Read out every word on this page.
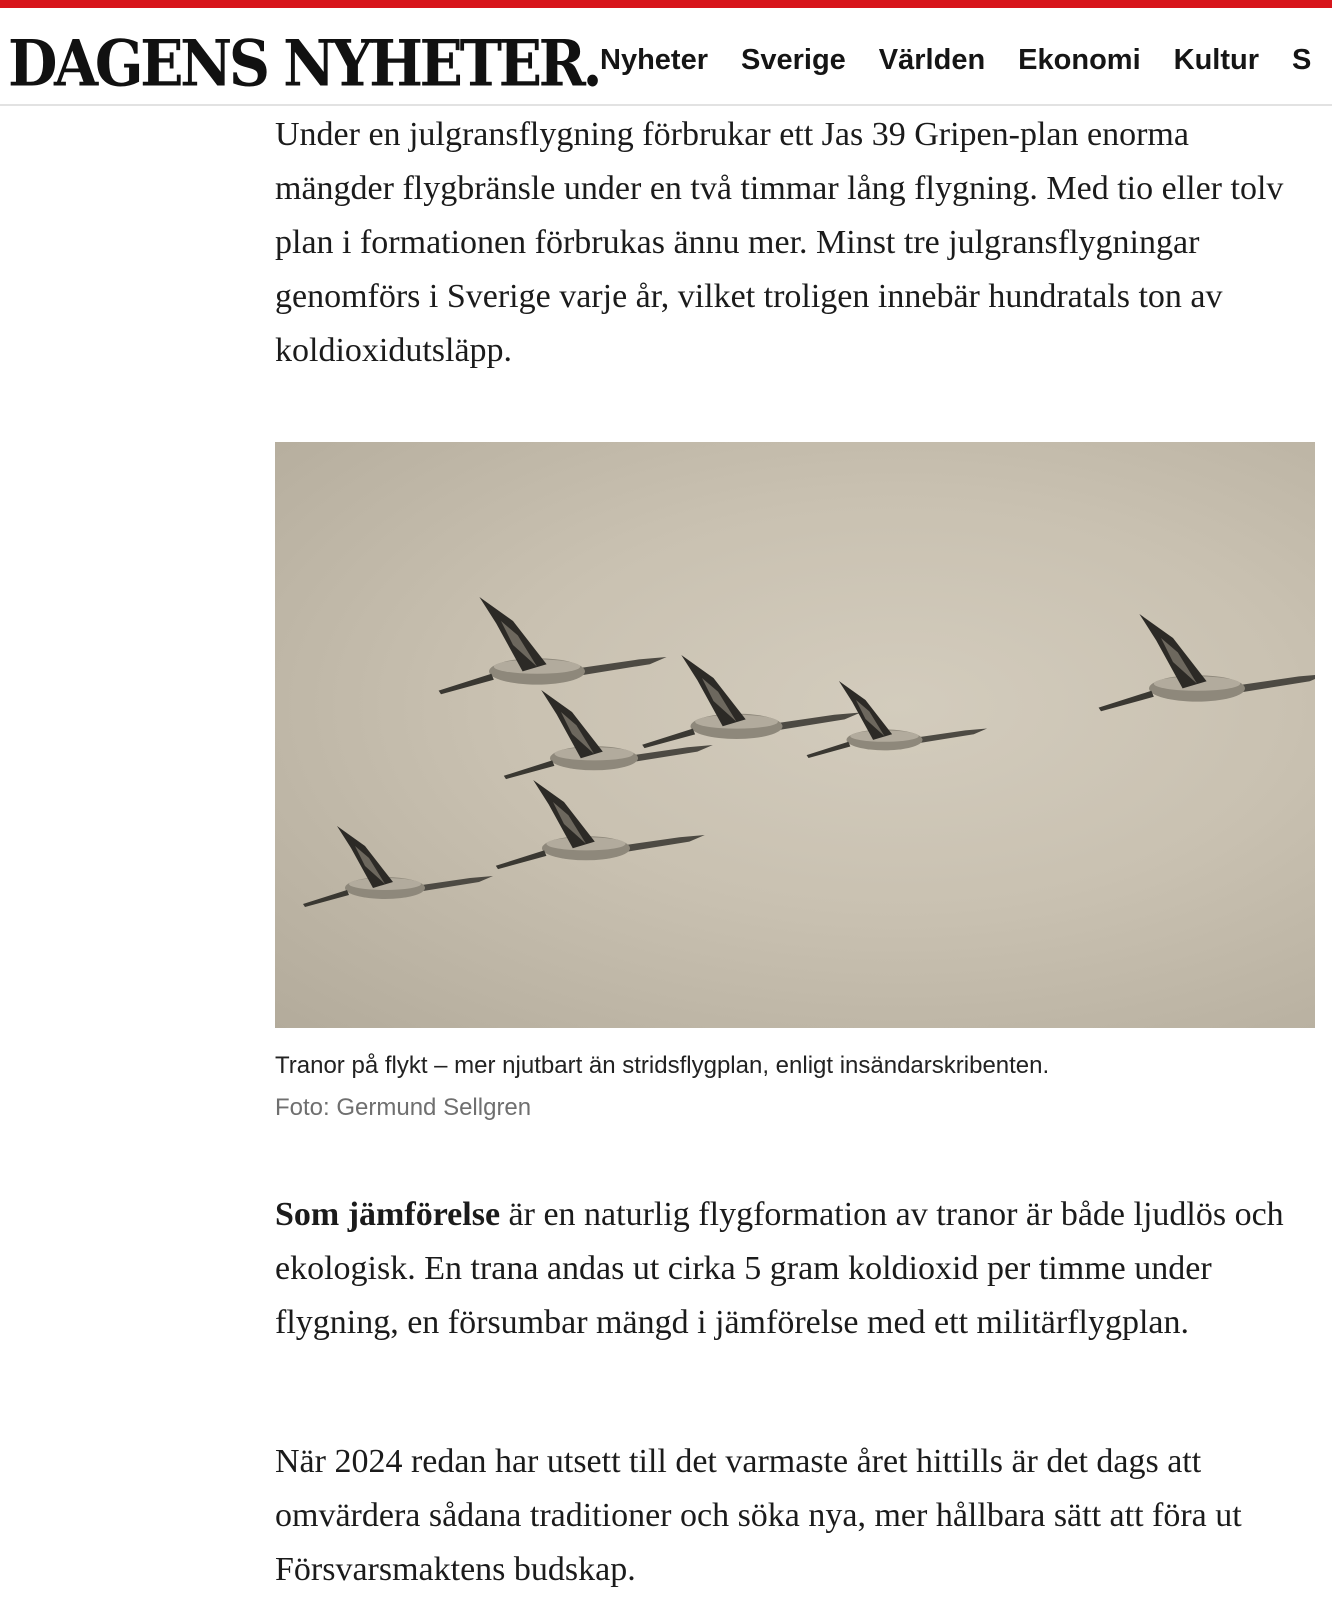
DAGENS NYHETER. Nyheter Sverige Världen Ekonomi Kultur S

Under en julgransflygning förbrukar ett Jas 39 Gripen-plan enorma mängder flygbränsle under en två timmar lång flygning. Med tio eller tolv plan i formationen förbrukas ännu mer. Minst tre julgransflygningar genomförs i Sverige varje år, vilket troligen innebär hundratals ton av koldioxidutsläpp.

Tranor på flykt – mer njutbart än stridsflygplan, enligt insändarskribenten.
Foto: Germund Sellgren

Som jämförelse är en naturlig flygformation av tranor är både ljudlös och ekologisk. En trana andas ut cirka 5 gram koldioxid per timme under flygning, en försumbar mängd i jämförelse med ett militärflygplan.

När 2024 redan har utsett till det varmaste året hittills är det dags att omvärdera sådana traditioner och söka nya, mer hållbara sätt att föra ut Försvarsmaktens budskap.
